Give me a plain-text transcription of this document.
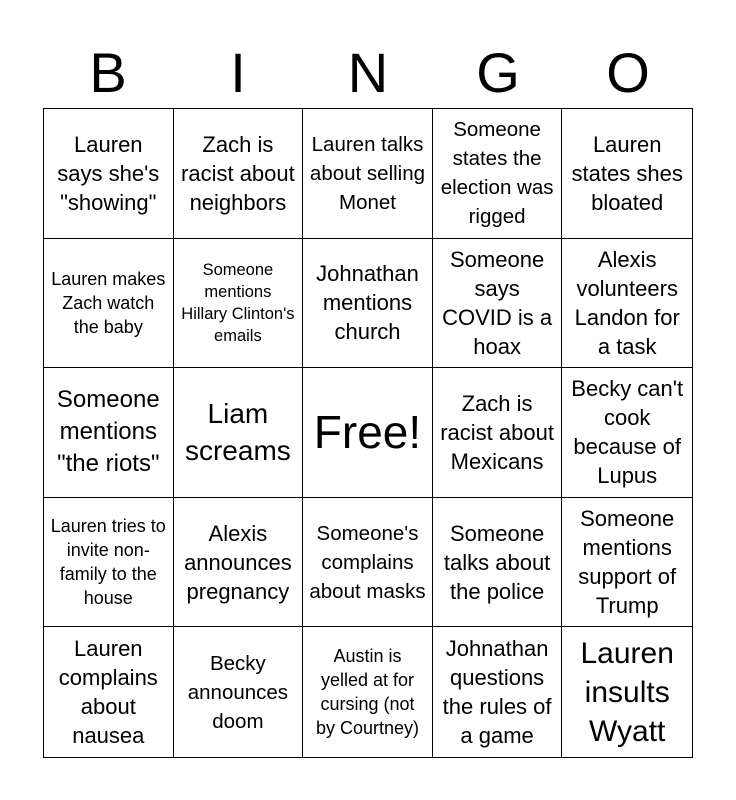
B	I	N	G	O
Lauren says she's "showing"
Zach is racist about neighbors
Lauren talks about selling Monet
Someone states the election was rigged
Lauren states shes bloated
Lauren makes Zach watch the baby
Someone mentions Hillary Clinton's emails
Johnathan mentions church
Someone says COVID is a hoax
Alexis volunteers Landon for a task
Someone mentions "the riots"
Liam screams Free!
Zach is racist about Mexicans
Becky can't cook because of Lupus
Lauren tries to invite non-family to the house
Alexis announces pregnancy
Someone's complains about masks
Someone talks about the police
Someone mentions support of Trump
Lauren complains about nausea
Becky announces doom
Austin is yelled at for cursing (not by Courtney)
Johnathan questions the rules of a game
Lauren insults Wyatt
